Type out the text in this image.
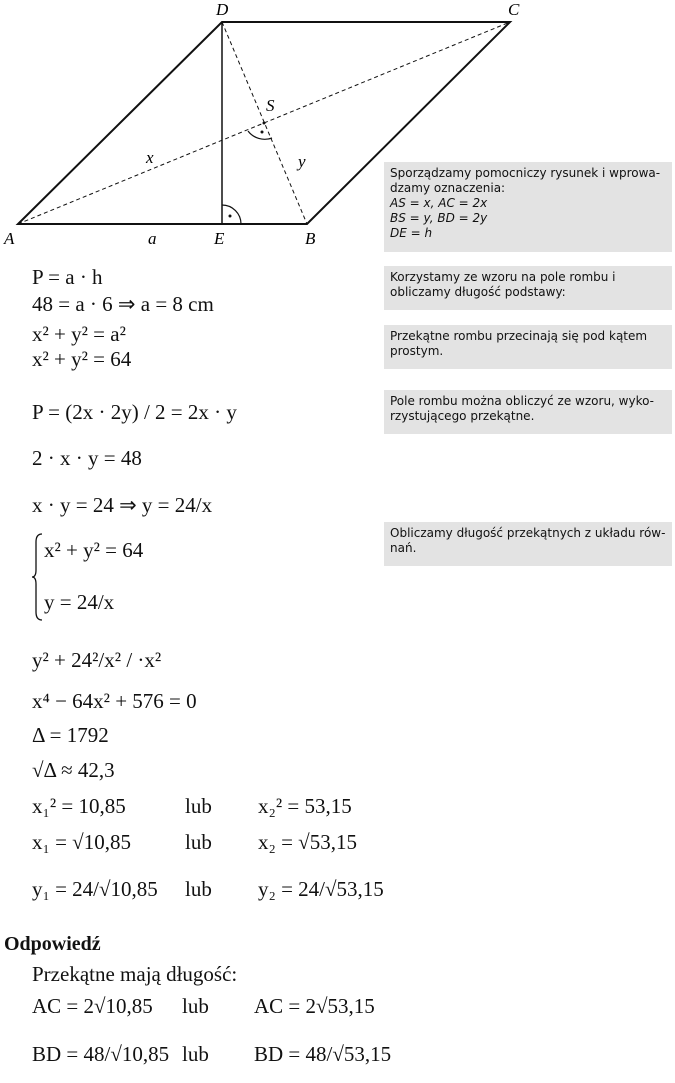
A	B
C
D
E
S
x	y
a
Sporządzamy pomocniczy rysunek i wprowa-
dzamy oznaczenia:
AS = x, AC = 2x
BS = y, BD = 2y
DE = h
Korzystamy ze wzoru na pole rombu i obliczamy długość podstawy:
Przekątne rombu przecinają się pod kątem prostym.
Pole rombu można obliczyć ze wzoru, wyko-rzystującego przekątne.
Obliczamy długość przekątnych z układu rów-nań.
P = a · h
48 = a · 6 ⇒ a = 8 cm
x² + y² = a²
x² + y² = 64
P = (2x · 2y) / 2 = 2x · y
2 · x · y = 48
x · y = 24 ⇒ y = 24/x
x² + y² = 64
y = 24/x
y² + 24²/x² / ·x²
x⁴ − 64x² + 576 = 0
Δ = 1792
√Δ ≈ 42,3
x₁² = 10,85	lub x₂² = 53,15
x₁ = √10,85	lub x₂ = √53,15
y₁ = 24/√10,85 lub y₂ = 24/√53,15
Odpowiedź
Przekątne mają długość:
AC = 2√10,85 lub AC = 2√53,15
BD = 48/√10,85 lub BD = 48/√53,15
